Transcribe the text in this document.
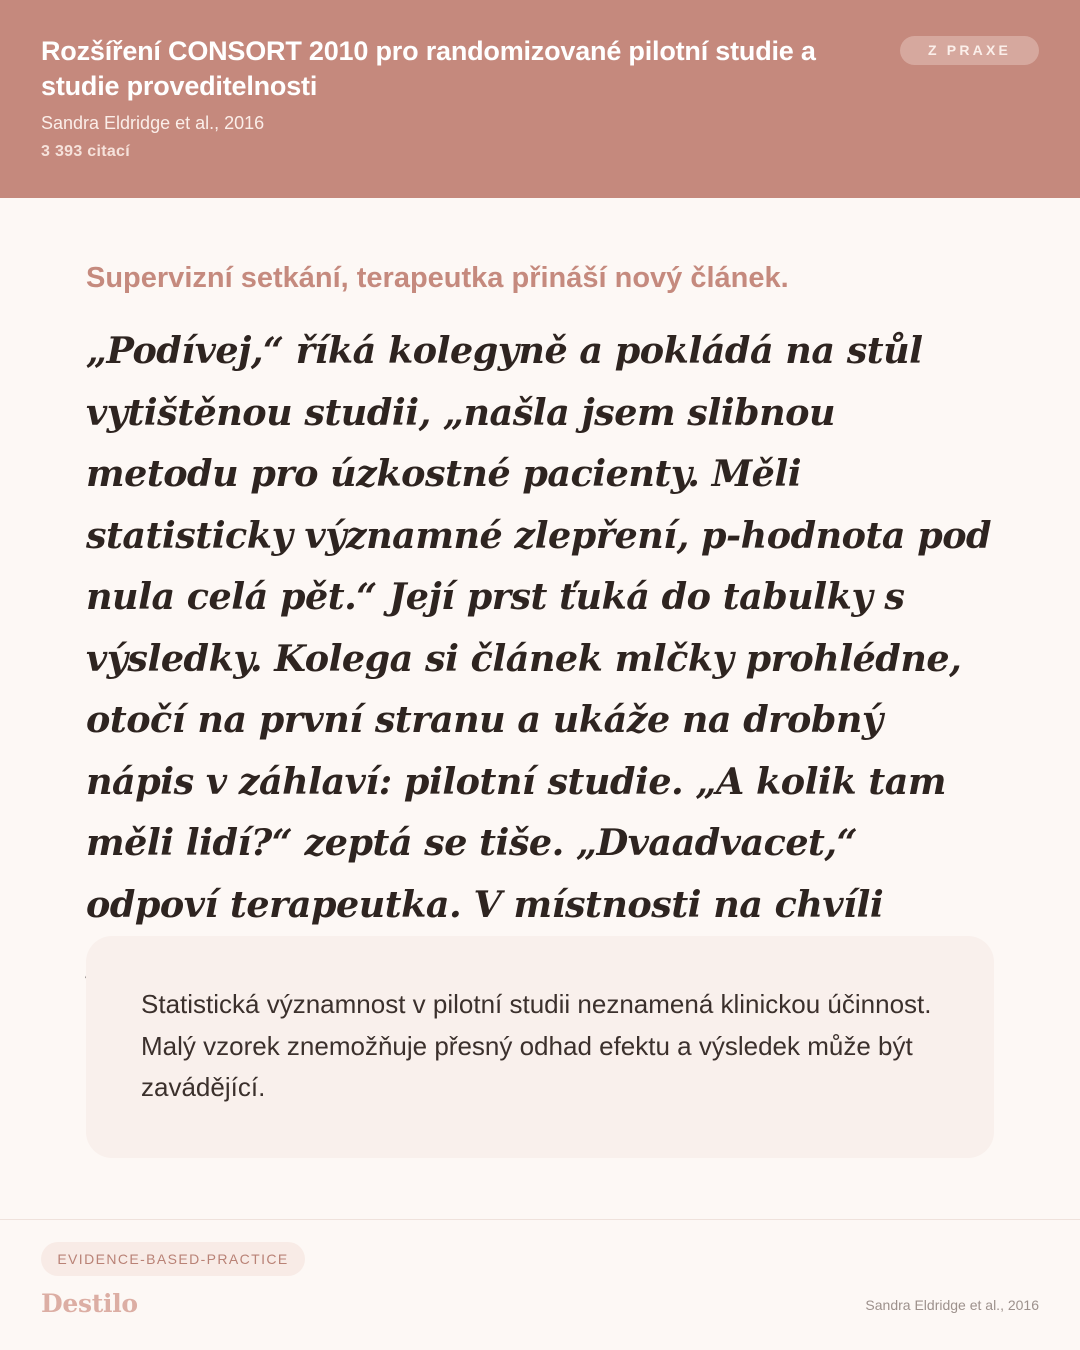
Rozšíření CONSORT 2010 pro randomizované pilotní studie a studie proveditelnosti
Sandra Eldridge et al., 2016
3 393 citací
Z PRAXE
Supervizní setkání, terapeutka přináší nový článek.

„Podívej,“ říká kolegyně a pokládá na stůl vytištěnou studii, „našla jsem slibnou metodu pro úzkostné pacienty. Měli statisticky významné zlepření, p-hodnota pod nula celá pět.“ Její prst ťuká do tabulky s výsledky. Kolega si článek mlčky prohlédne, otočí na první stranu a ukáže na drobný nápis v záhlaví: pilotní studie. „A kolik tam měli lidí?“ zeptá se tiše. „Dvaadvacet,“ odpoví terapeutka. V místnosti na chvíli

Statistická významnost v pilotní studii neznamená klinickou účinnost. Malý vzorek znemožňuje přesný odhad efektu a výsledek může být zavádějící.

EVIDENCE-BASED-PRACTICE
Destilo	Sandra Eldridge et al., 2016
